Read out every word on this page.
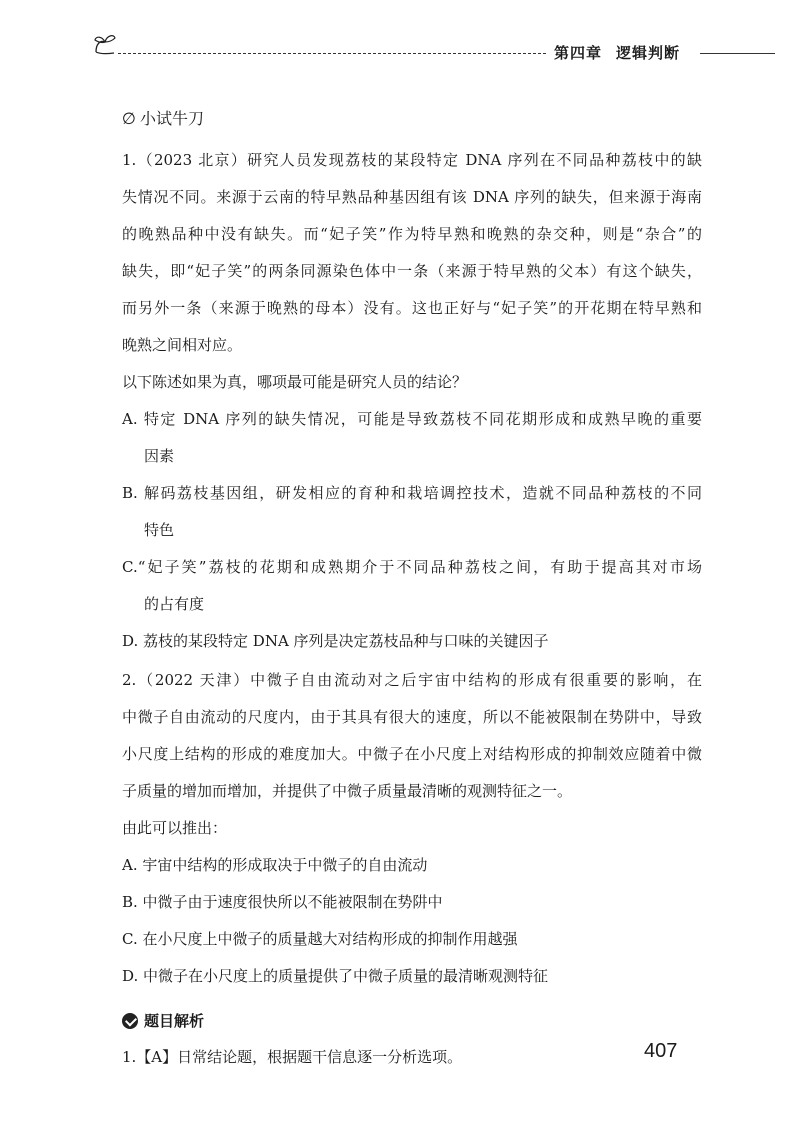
第四章 逻辑判断
∅ 小试牛刀
1.（2023 北京）研究人员发现荔枝的某段特定 DNA 序列在不同品种荔枝中的缺
失情况不同。来源于云南的特早熟品种基因组有该 DNA 序列的缺失，但来源于海南
的晚熟品种中没有缺失。而“妃子笑”作为特早熟和晚熟的杂交种，则是“杂合”的
缺失，即“妃子笑”的两条同源染色体中一条（来源于特早熟的父本）有这个缺失，
而另外一条（来源于晚熟的母本）没有。这也正好与“妃子笑”的开花期在特早熟和
晚熟之间相对应。
以下陈述如果为真，哪项最可能是研究人员的结论？
A. 特定 DNA 序列的缺失情况，可能是导致荔枝不同花期形成和成熟早晚的重要
因素
B. 解码荔枝基因组，研发相应的育种和栽培调控技术，造就不同品种荔枝的不同
特色
C.“妃子笑”荔枝的花期和成熟期介于不同品种荔枝之间，有助于提高其对市场
的占有度
D. 荔枝的某段特定 DNA 序列是决定荔枝品种与口味的关键因子
2.（2022 天津）中微子自由流动对之后宇宙中结构的形成有很重要的影响，在
中微子自由流动的尺度内，由于其具有很大的速度，所以不能被限制在势阱中，导致
小尺度上结构的形成的难度加大。中微子在小尺度上对结构形成的抑制效应随着中微
子质量的增加而增加，并提供了中微子质量最清晰的观测特征之一。
由此可以推出：
A. 宇宙中结构的形成取决于中微子的自由流动
B. 中微子由于速度很快所以不能被限制在势阱中
C. 在小尺度上中微子的质量越大对结构形成的抑制作用越强
D. 中微子在小尺度上的质量提供了中微子质量的最清晰观测特征
题目解析
1.【A】日常结论题，根据题干信息逐一分析选项。	407
